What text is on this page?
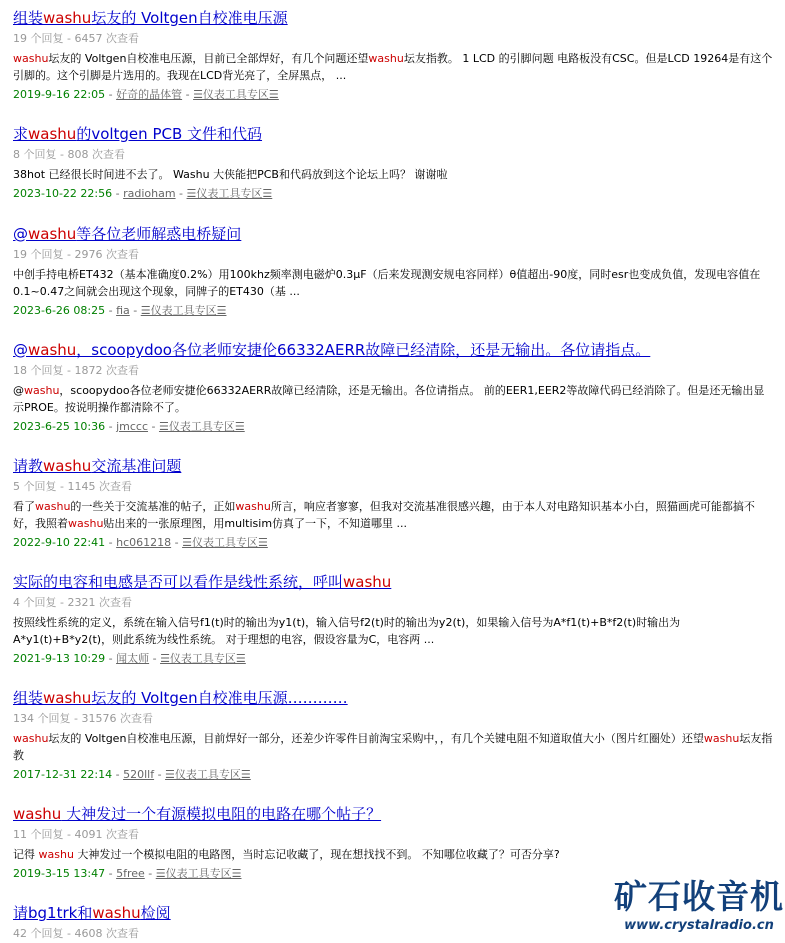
组装washu坛友的 Voltgen自校准电压源
19 个回复 - 6457 次查看
washu坛友的 Voltgen自校准电压源，目前已全部焊好，有几个问题还望washu坛友指教。 1 LCD 的引脚问题 电路板没有CSC。但是LCD 19264是有这个引脚的。这个引脚是片选用的。我现在LCD背光亮了，全屏黑点， ...
2019-9-16 22:05 - 好奇的晶体管 - ☰仪表工具专区☰
求washu的voltgen PCB 文件和代码
8 个回复 - 808 次查看
38hot 已经很长时间进不去了。 Washu 大侠能把PCB和代码放到这个论坛上吗？ 谢谢啦
2023-10-22 22:56 - radioham - ☰仪表工具专区☰
@washu等各位老师解惑电桥疑问
19 个回复 - 2976 次查看
中创手持电桥ET432（基本准确度0.2%）用100khz频率测电磁炉0.3μF（后来发现测安规电容同样）θ值超出-90度，同时esr也变成负值，发现电容值在0.1~0.47之间就会出现这个现象，同牌子的ET430（基 ...
2023-6-26 08:25 - fia - ☰仪表工具专区☰
@washu，scoopydoo各位老师安捷伦66332AERR故障已经清除，还是无输出。各位请指点。
18 个回复 - 1872 次查看
@washu，scoopydoo各位老师安捷伦66332AERR故障已经清除，还是无输出。各位请指点。 前的EER1,EER2等故障代码已经消除了。但是还无输出显示PROE。按说明操作都清除不了。
2023-6-25 10:36 - jmccc - ☰仪表工具专区☰
请教washu交流基准问题
5 个回复 - 1145 次查看
看了washu的一些关于交流基准的帖子，正如washu所言，响应者寥寥，但我对交流基准很感兴趣，由于本人对电路知识基本小白，照猫画虎可能都搞不好，我照着washu贴出来的一张原理图，用multisim仿真了一下，不知道哪里 ...
2022-9-10 22:41 - hc061218 - ☰仪表工具专区☰
实际的电容和电感是否可以看作是线性系统，呼叫washu
4 个回复 - 2321 次查看
按照线性系统的定义，系统在输入信号f1(t)时的输出为y1(t)，输入信号f2(t)时的输出为y2(t)，如果输入信号为A*f1(t)+B*f2(t)时输出为A*y1(t)+B*y2(t)，则此系统为线性系统。 对于理想的电容，假设容量为C，电容两 ...
2021-9-13 10:29 - 闻太师 - ☰仪表工具专区☰
组装washu坛友的 Voltgen自校准电压源…………
134 个回复 - 31576 次查看
washu坛友的 Voltgen自校准电压源，目前焊好一部分，还差少许零件目前淘宝采购中，，有几个关键电阻不知道取值大小（图片红圈处）还望washu坛友指教
2017-12-31 22:14 - 520llf - ☰仪表工具专区☰
washu 大神发过一个有源模拟电阻的电路在哪个帖子？
11 个回复 - 4091 次查看
记得 washu 大神发过一个模拟电阻的电路图，当时忘记收藏了，现在想找找不到。 不知哪位收藏了？可否分享?
2019-3-15 13:47 - 5free - ☰仪表工具专区☰
请bg1trk和washu检阅
42 个回复 - 4608 次查看
矿石收音机
www.crystalradio.cn
